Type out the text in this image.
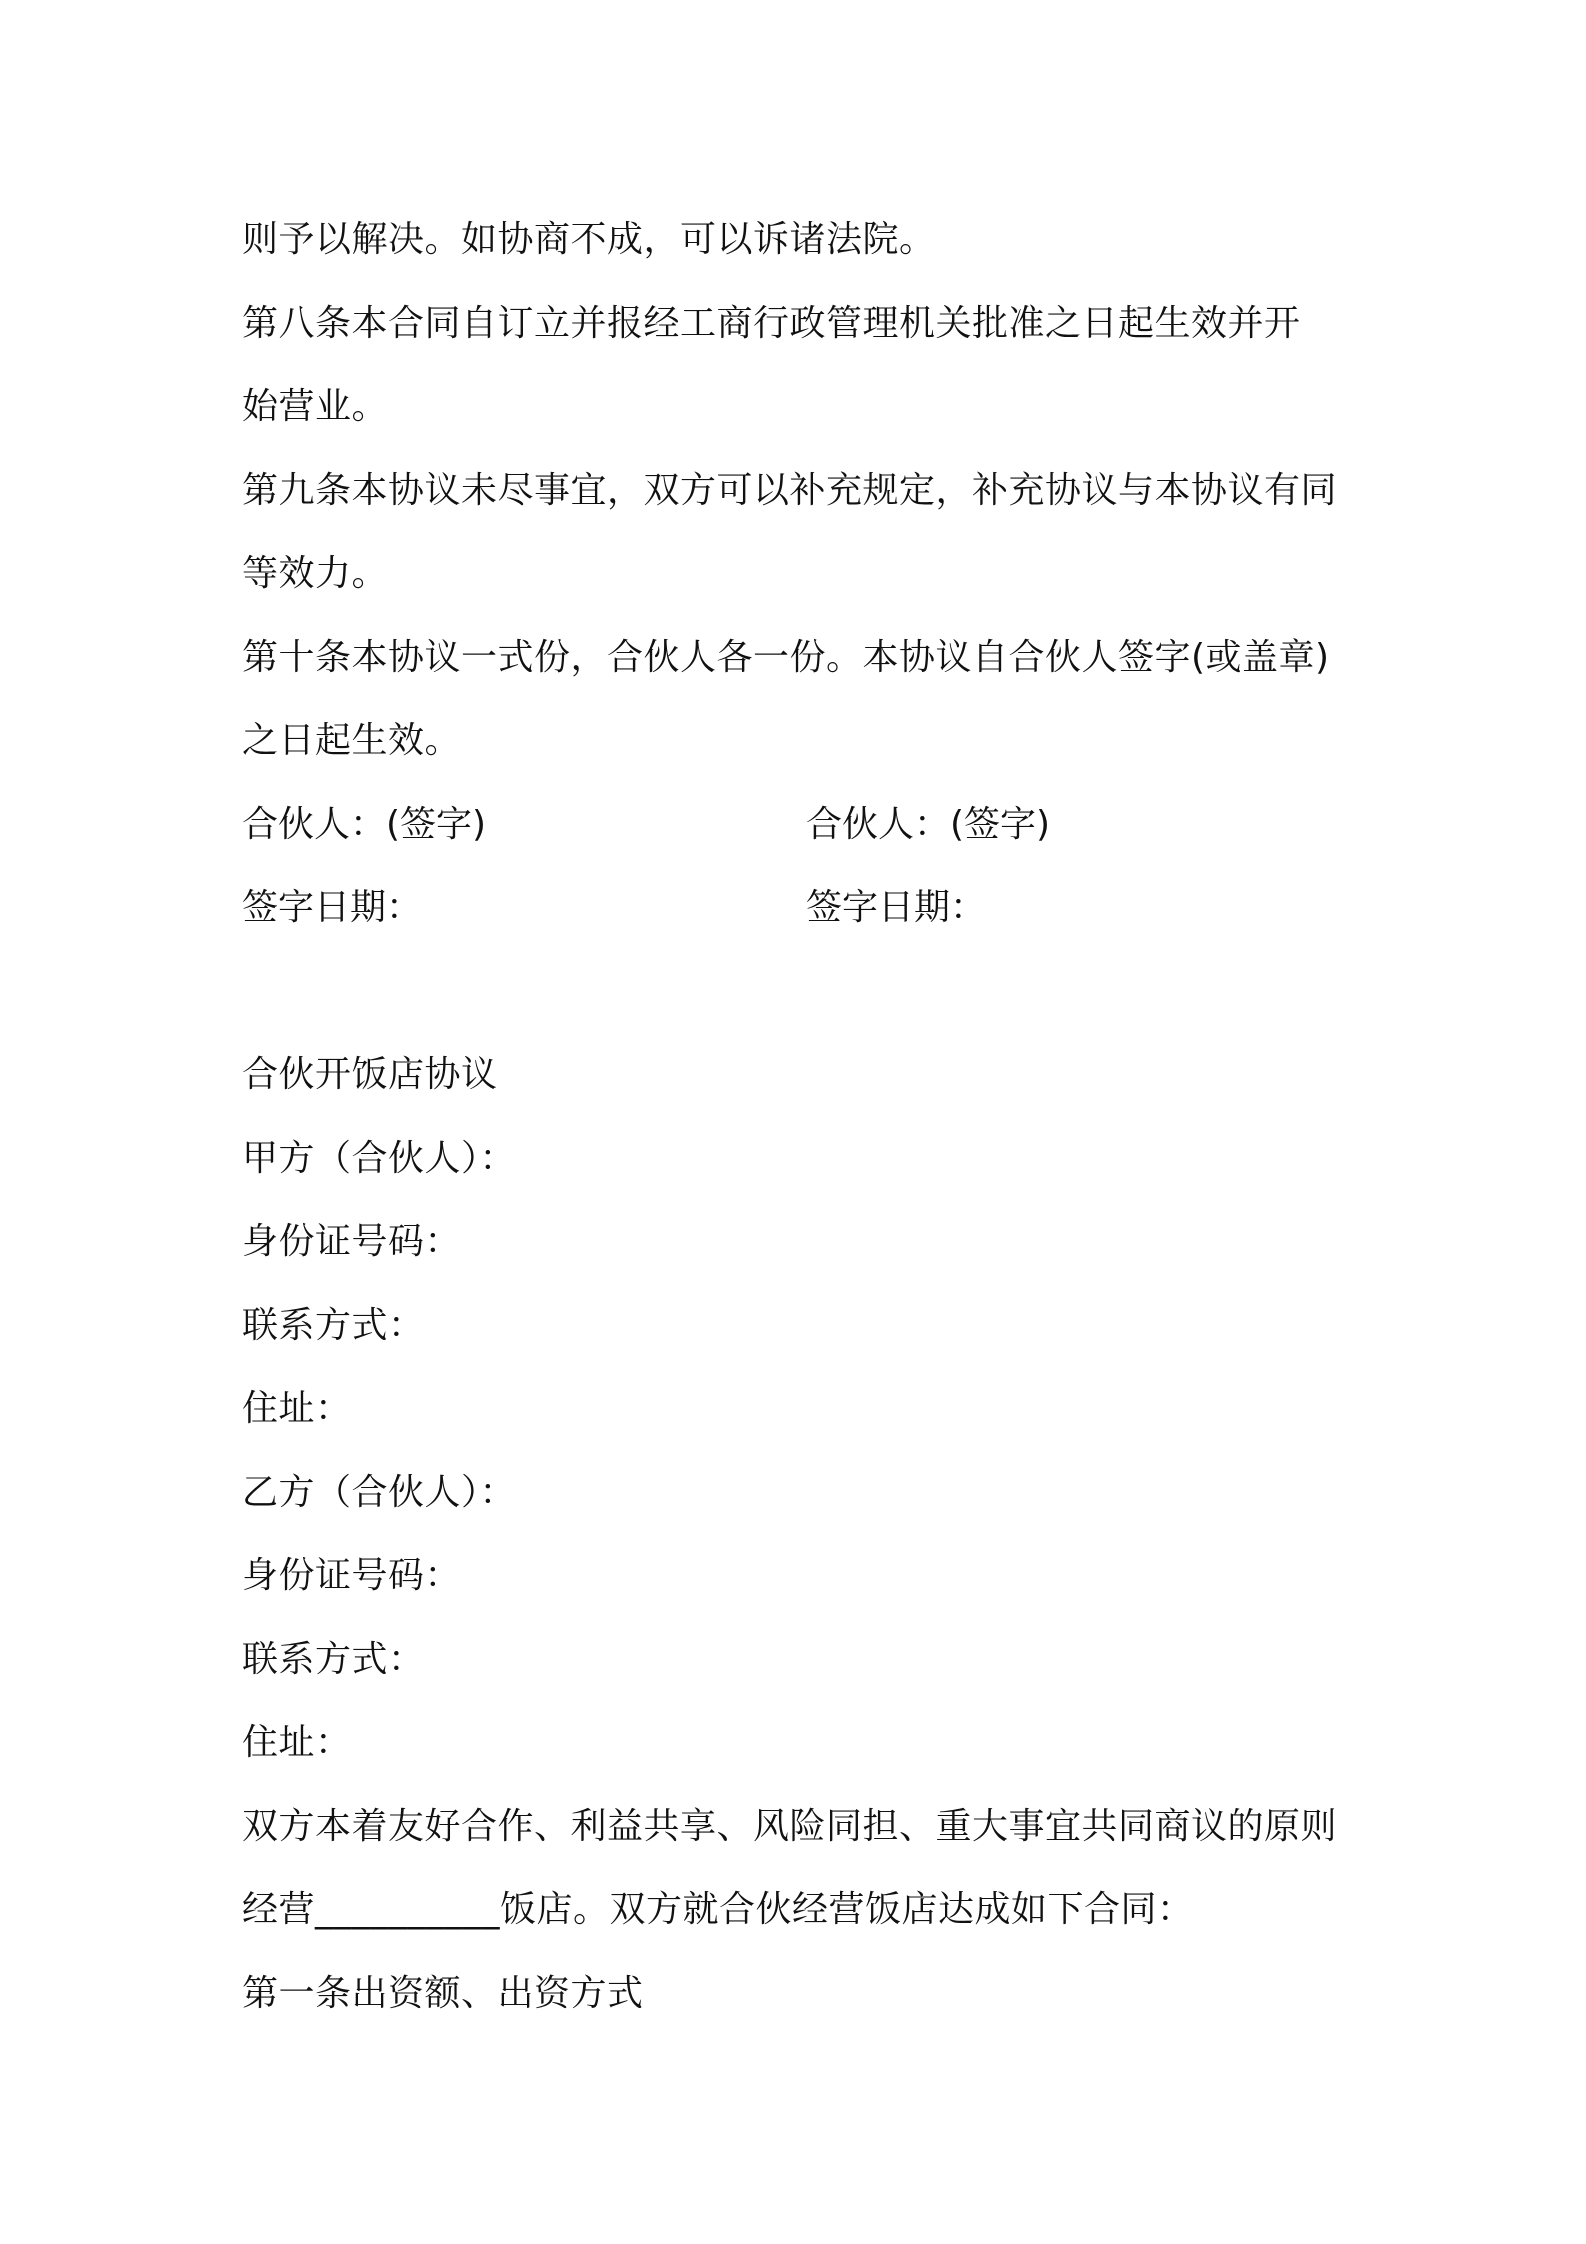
则予以解决。如协商不成，可以诉诸法院。
第八条本合同自订立并报经工商行政管理机关批准之日起生效并开
始营业。
第九条本协议未尽事宜，双方可以补充规定，补充协议与本协议有同
等效力。
第十条本协议一式份，合伙人各一份。本协议自合伙人签字(或盖章)
之日起生效。
合伙人：(签字)	合伙人：(签字)
签字日期：	签字日期：
合伙开饭店协议
甲方（合伙人）：
身份证号码：
联系方式：
住址：
乙方（合伙人）：
身份证号码：
联系方式：
住址：
双方本着友好合作、利益共享、风险同担、重大事宜共同商议的原则
经营__________饭店。双方就合伙经营饭店达成如下合同：
第一条出资额、出资方式
